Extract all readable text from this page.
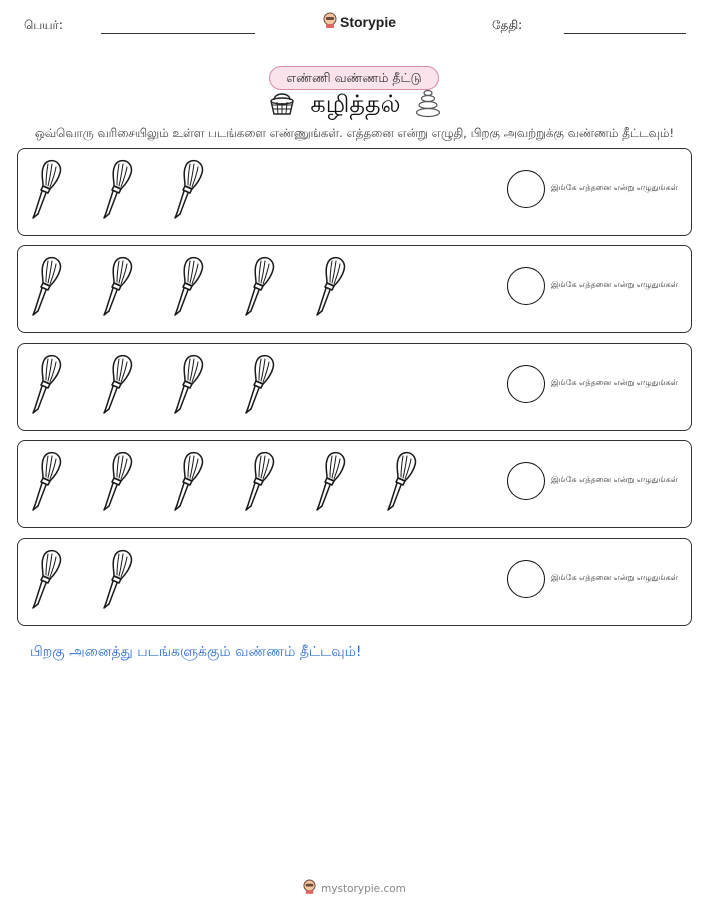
பெயர்:	Storypie	தேதி:
எண்ணி வண்ணம் தீட்டு
கழித்தல்
ஒவ்வொரு வரிசையிலும் உள்ள படங்களை எண்ணுங்கள். எத்தனை என்று எழுதி, பிறகு அவற்றுக்கு வண்ணம் தீட்டவும்!
இங்கே எத்தனை என்று எழுதுங்கள்
இங்கே எத்தனை என்று எழுதுங்கள்
இங்கே எத்தனை என்று எழுதுங்கள்
இங்கே எத்தனை என்று எழுதுங்கள்
இங்கே எத்தனை என்று எழுதுங்கள்
பிறகு அனைத்து படங்களுக்கும் வண்ணம் தீட்டவும்!
mystorypie.com
